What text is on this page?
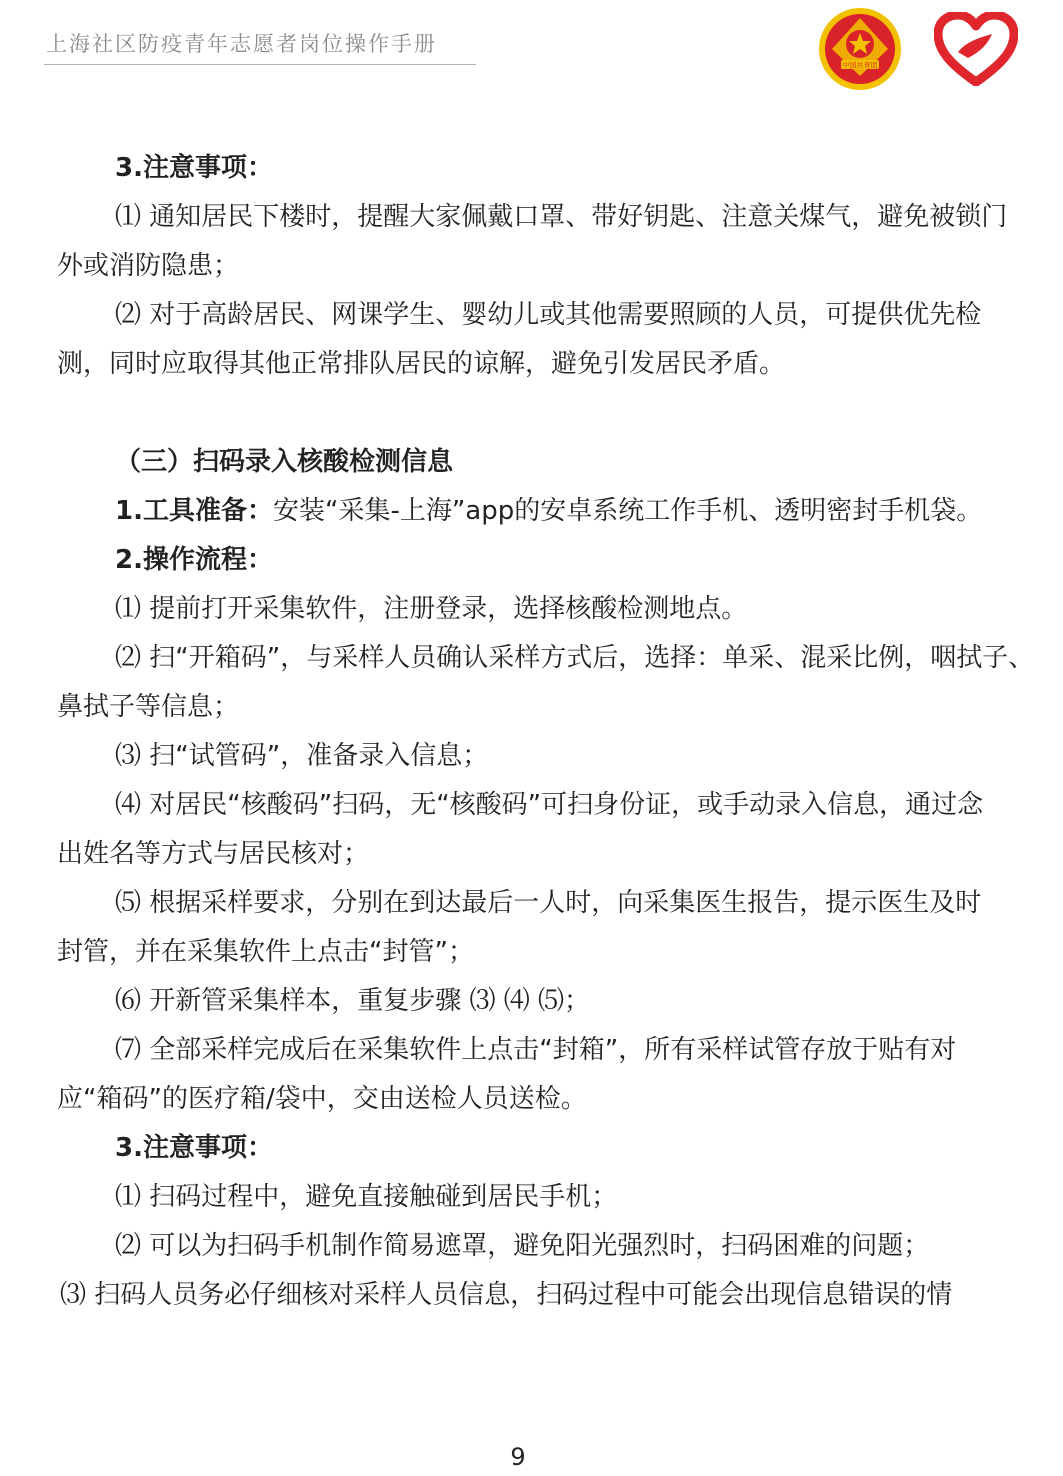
上海社区防疫青年志愿者岗位操作手册
中国共青团
3.注意事项：
⑴ 通知居民下楼时，提醒大家佩戴口罩、带好钥匙、注意关煤气，避免被锁门
外或消防隐患；
⑵ 对于高龄居民、网课学生、婴幼儿或其他需要照顾的人员，可提供优先检
测，同时应取得其他正常排队居民的谅解，避免引发居民矛盾。
（三）扫码录入核酸检测信息
1.工具准备：安装“采集-上海”app的安卓系统工作手机、透明密封手机袋。
2.操作流程：
⑴ 提前打开采集软件，注册登录，选择核酸检测地点。
⑵ 扫“开箱码”，与采样人员确认采样方式后，选择：单采、混采比例，咽拭子、
鼻拭子等信息；
⑶ 扫“试管码”，准备录入信息；
⑷ 对居民“核酸码”扫码，无“核酸码”可扫身份证，或手动录入信息，通过念
出姓名等方式与居民核对；
⑸ 根据采样要求，分别在到达最后一人时，向采集医生报告，提示医生及时
封管，并在采集软件上点击“封管”；
⑹ 开新管采集样本，重复步骤 ⑶ ⑷ ⑸；
⑺ 全部采样完成后在采集软件上点击“封箱”，所有采样试管存放于贴有对
应“箱码”的医疗箱/袋中，交由送检人员送检。
3.注意事项：
⑴ 扫码过程中，避免直接触碰到居民手机；
⑵ 可以为扫码手机制作简易遮罩，避免阳光强烈时，扫码困难的问题；
⑶ 扫码人员务必仔细核对采样人员信息，扫码过程中可能会出现信息错误的情
9
